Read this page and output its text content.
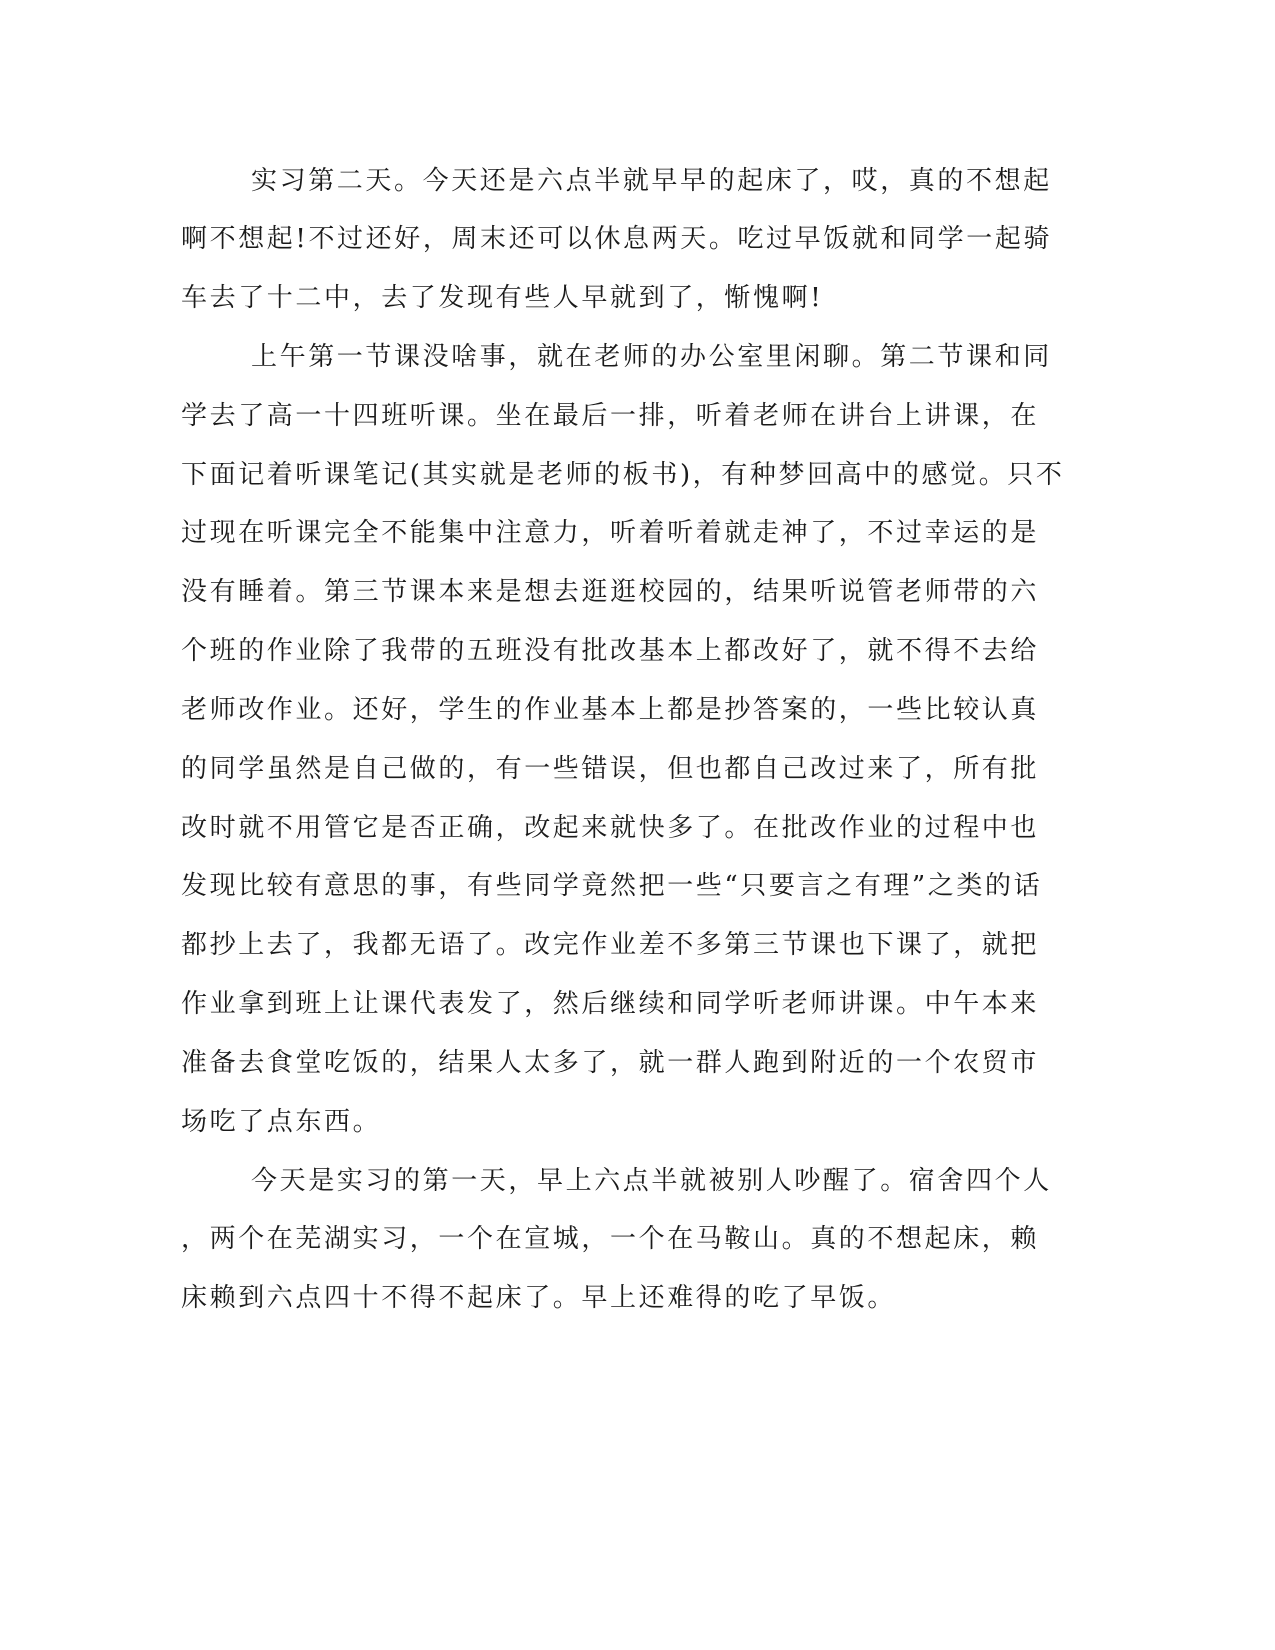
实习第二天。今天还是六点半就早早的起床了，哎，真的不想起
啊不想起!不过还好，周末还可以休息两天。吃过早饭就和同学一起骑
车去了十二中，去了发现有些人早就到了，惭愧啊!
上午第一节课没啥事，就在老师的办公室里闲聊。第二节课和同
学去了高一十四班听课。坐在最后一排，听着老师在讲台上讲课，在
下面记着听课笔记(其实就是老师的板书)，有种梦回高中的感觉。只不
过现在听课完全不能集中注意力，听着听着就走神了，不过幸运的是
没有睡着。第三节课本来是想去逛逛校园的，结果听说管老师带的六
个班的作业除了我带的五班没有批改基本上都改好了，就不得不去给
老师改作业。还好，学生的作业基本上都是抄答案的，一些比较认真
的同学虽然是自己做的，有一些错误，但也都自己改过来了，所有批
改时就不用管它是否正确，改起来就快多了。在批改作业的过程中也
发现比较有意思的事，有些同学竟然把一些“只要言之有理”之类的话
都抄上去了，我都无语了。改完作业差不多第三节课也下课了，就把
作业拿到班上让课代表发了，然后继续和同学听老师讲课。中午本来
准备去食堂吃饭的，结果人太多了，就一群人跑到附近的一个农贸市
场吃了点东西。
今天是实习的第一天，早上六点半就被别人吵醒了。宿舍四个人
，两个在芜湖实习，一个在宣城，一个在马鞍山。真的不想起床，赖
床赖到六点四十不得不起床了。早上还难得的吃了早饭。
